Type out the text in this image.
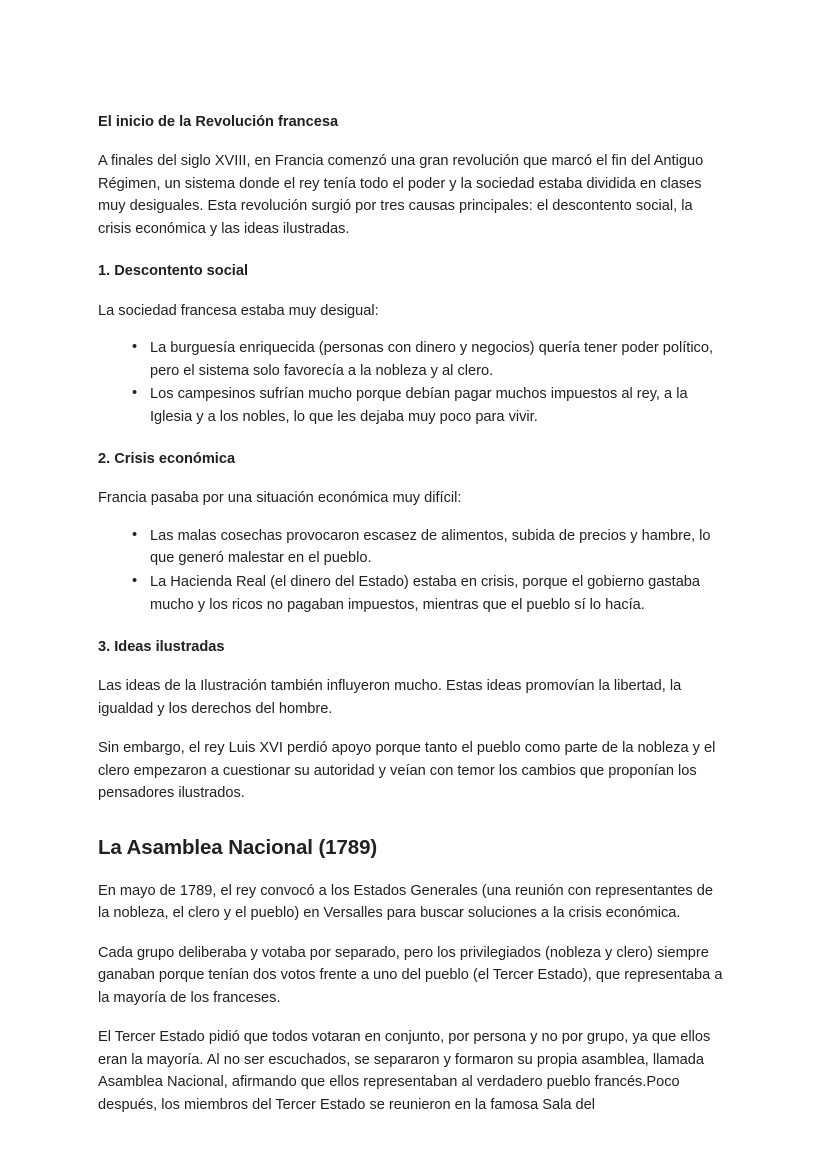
El inicio de la Revolución francesa

A finales del siglo XVIII, en Francia comenzó una gran revolución que marcó el fin del Antiguo Régimen, un sistema donde el rey tenía todo el poder y la sociedad estaba dividida en clases muy desiguales. Esta revolución surgió por tres causas principales: el descontento social, la crisis económica y las ideas ilustradas.

1. Descontento social

La sociedad francesa estaba muy desigual:

• La burguesía enriquecida (personas con dinero y negocios) quería tener poder político, pero el sistema solo favorecía a la nobleza y al clero.
• Los campesinos sufrían mucho porque debían pagar muchos impuestos al rey, a la Iglesia y a los nobles, lo que les dejaba muy poco para vivir.
2. Crisis económica

Francia pasaba por una situación económica muy difícil:

• Las malas cosechas provocaron escasez de alimentos, subida de precios y hambre, lo que generó malestar en el pueblo.
• La Hacienda Real (el dinero del Estado) estaba en crisis, porque el gobierno gastaba mucho y los ricos no pagaban impuestos, mientras que el pueblo sí lo hacía.
3. Ideas ilustradas

Las ideas de la Ilustración también influyeron mucho. Estas ideas promovían la libertad, la igualdad y los derechos del hombre.

Sin embargo, el rey Luis XVI perdió apoyo porque tanto el pueblo como parte de la nobleza y el clero empezaron a cuestionar su autoridad y veían con temor los cambios que proponían los pensadores ilustrados.

La Asamblea Nacional (1789)

En mayo de 1789, el rey convocó a los Estados Generales (una reunión con representantes de la nobleza, el clero y el pueblo) en Versalles para buscar soluciones a la crisis económica.

Cada grupo deliberaba y votaba por separado, pero los privilegiados (nobleza y clero) siempre ganaban porque tenían dos votos frente a uno del pueblo (el Tercer Estado), que representaba a la mayoría de los franceses.

El Tercer Estado pidió que todos votaran en conjunto, por persona y no por grupo, ya que ellos eran la mayoría. Al no ser escuchados, se separaron y formaron su propia asamblea, llamada Asamblea Nacional, afirmando que ellos representaban al verdadero pueblo francés.Poco después, los miembros del Tercer Estado se reunieron en la famosa Sala del
